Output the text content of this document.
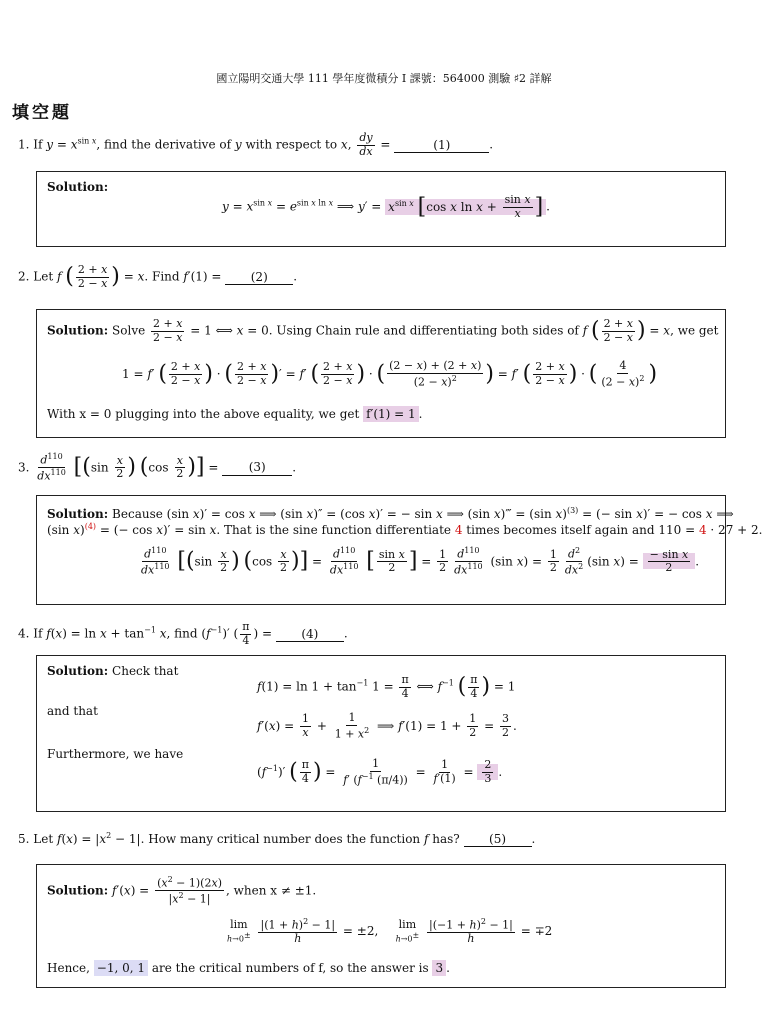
國立陽明交通大學 111 學年度微積分 I 課號：564000 測驗 ♯2 詳解
填空題
1. If $y = x^{sin x}$, find the derivative of y with respect to x, $\frac{dy}{dx}$ =	(1)	.
Solution:
$y = x^{sin x} = e^{sin x ln x}$ ⟹ $y' = x^{sin x}$ [cos x $\ln x + \frac{\text{sin x}}{x}$ ] .
2. Let f ( $\frac{2 + x}{2 - x}$ ) = x. Find f′(1) = (2) .
Solution: Solve $\frac{2 + x}{2 - x} = 1$ ⟺ x = 0. Using Chain rule and differentiating both sides of f ( $\frac{2 + x}{2 - x}$ ) = x, we get
1 = f′ ( $\frac{2 + x}{2 - x}$ ) · ( $\frac{2 + x}{2 - x}$ )′ = f′ ( $\frac{2 + x}{2 - x}$ ) · ( $\frac{(2 - x) + (2 + x)}{(2 - x)^2}$ ) = f′ ( $\frac{2 + x}{2 - x}$ ) · ( $\frac{4}{(2 - x)^2}$ )
With x = 0 plugging into the above equality, we get f′(1) = 1 .
3. $\frac{d^{110}}{dx^{110}} [(\sin \frac{x}{2}$ ) ($\cos \frac{x}{2}$ )] = (3) .
Solution: Because (sin x)′ = cos x ⟹ (sin x)″ = (cos x)′ = − sin x ⟹ (sin x)‴ = (sin x)$^{(3)}$ = (− sin x)′ = − cos x ⟹
(sin x)$^{(4)}$ = (− cos x)′ = sin x. That is the sine function differentiate 4 times becomes itself again and 110 = 4 · 27 + 2.
$\frac{d^{110}}{dx^{110}} [(\sin \frac{x}{2}$ ) ($\cos \frac{x}{2}$ )] = $\frac{d^{110}}{dx^{110}}$ [ $\frac{\text{sin x}}{2}$ ] = $\frac{1}{2} \frac{d^{110}}{dx^{110}} (\sin$ $x) = \frac{1}{2} \frac{d^2}{dx^2} (\sin$ $x) = \frac{\text{− sin x}}{2}$ .
4. If $f(x) = \ln x + \tan^{-1} x$, find $(f^{-1})'$ ( $\frac{\pi}{4}$ ) = (4) .
Solution: Check that
$f(1) = \ln 1 + \tan^{-1} 1 = \frac{\pi}{4}$ ⟺ $f^{-1}$ ( $\frac{\pi}{4}$ ) = 1
and that
$f'(x) = \frac{1}{x} + \frac{1}{1 + x^2}$ ⟹ $f'(1) = 1 + \frac{1}{2} = \frac{3}{2}$ .
Furthermore, we have
$(f^{-1})'$ ( $\frac{\pi}{4}$ ) = $\frac{1}{f' (f^{-1} (\pi/4))} = \frac{1}{f'(1)} = \frac{2}{3}$ .
5. Let $f(x) = |x^2 - 1|$. How many critical number does the function f has? (5) .
Solution: $f'(x) = \frac{(x^2 - 1)(2x)}{|x^2 - 1|}$ , when x ≠ ±1.
lim
h→0±
$\frac{|(1 + h)^2 - 1|}{h} = \pm 2$, lim
h→0±
$\frac{|(-1 + h)^2 - 1|}{h} = \mp 2$
Hence, −1, 0, 1 are the critical numbers of f, so the answer is 3 .
